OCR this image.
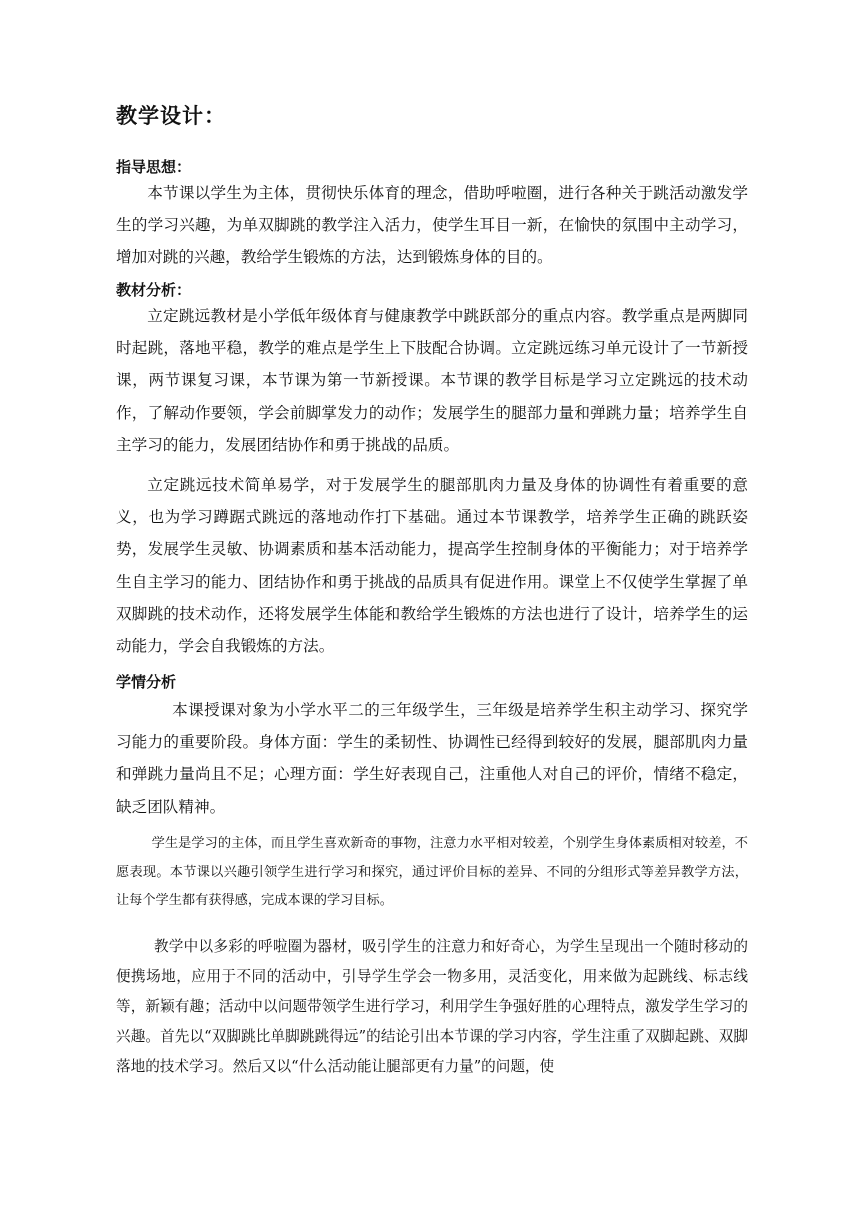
教学设计：
指导思想：

本节课以学生为主体，贯彻快乐体育的理念，借助呼啦圈，进行各种关于跳活动激发学生的学习兴趣，为单双脚跳的教学注入活力，使学生耳目一新，在愉快的氛围中主动学习，增加对跳的兴趣，教给学生锻炼的方法，达到锻炼身体的目的。

教材分析：

立定跳远教材是小学低年级体育与健康教学中跳跃部分的重点内容。教学重点是两脚同时起跳，落地平稳，教学的难点是学生上下肢配合协调。立定跳远练习单元设计了一节新授课，两节课复习课，本节课为第一节新授课。本节课的教学目标是学习立定跳远的技术动作，了解动作要领，学会前脚掌发力的动作；发展学生的腿部力量和弹跳力量；培养学生自主学习的能力，发展团结协作和勇于挑战的品质。

立定跳远技术简单易学，对于发展学生的腿部肌肉力量及身体的协调性有着重要的意义，也为学习蹲踞式跳远的落地动作打下基础。通过本节课教学，培养学生正确的跳跃姿势，发展学生灵敏、协调素质和基本活动能力，提高学生控制身体的平衡能力；对于培养学生自主学习的能力、团结协作和勇于挑战的品质具有促进作用。课堂上不仅使学生掌握了单双脚跳的技术动作，还将发展学生体能和教给学生锻炼的方法也进行了设计，培养学生的运动能力，学会自我锻炼的方法。

学情分析

本课授课对象为小学水平二的三年级学生，三年级是培养学生积主动学习、探究学习能力的重要阶段。身体方面：学生的柔韧性、协调性已经得到较好的发展，腿部肌肉力量和弹跳力量尚且不足；心理方面：学生好表现自己，注重他人对自己的评价，情绪不稳定，缺乏团队精神。

学生是学习的主体，而且学生喜欢新奇的事物，注意力水平相对较差，个别学生身体素质相对较差，不愿表现。本节课以兴趣引领学生进行学习和探究，通过评价目标的差异、不同的分组形式等差异教学方法，让每个学生都有获得感，完成本课的学习目标。

教学中以多彩的呼啦圈为器材，吸引学生的注意力和好奇心，为学生呈现出一个随时移动的便携场地，应用于不同的活动中，引导学生学会一物多用，灵活变化，用来做为起跳线、标志线等，新颖有趣；活动中以问题带领学生进行学习，利用学生争强好胜的心理特点，激发学生学习的兴趣。首先以“双脚跳比单脚跳跳得远”的结论引出本节课的学习内容，学生注重了双脚起跳、双脚落地的技术学习。然后又以“什么活动能让腿部更有力量”的问题，使
